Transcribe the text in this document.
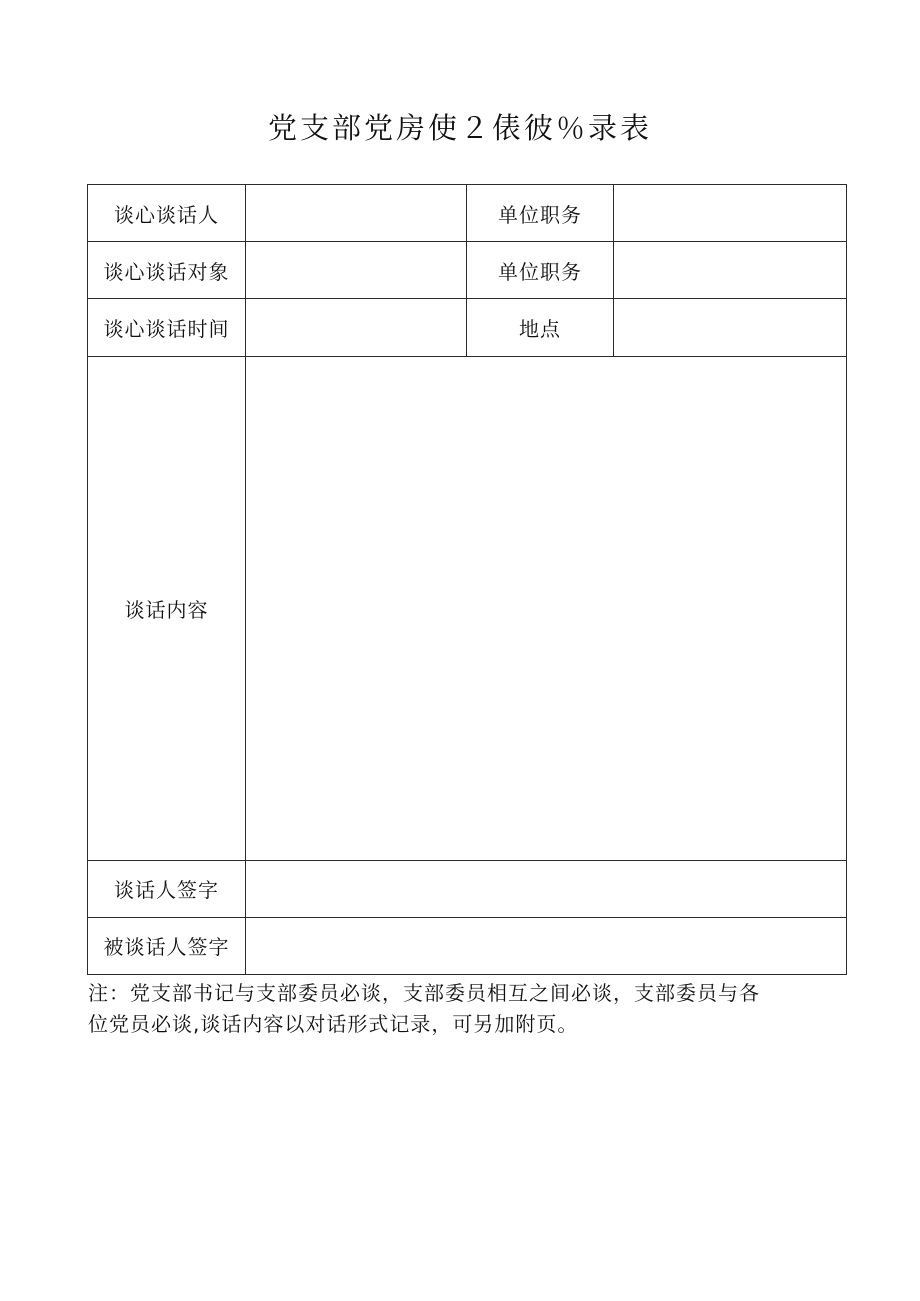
党支部党房使２俵彼％录表
谈心谈话人		单位职务	
谈心谈话对象		单位职务	
谈心谈话时间		地点	
谈话内容			
谈话人签字			
被谈话人签字			
注：党支部书记与支部委员必谈，支部委员相互之间必谈，支部委员与各
位党员必谈,谈话内容以对话形式记录，可另加附页。
